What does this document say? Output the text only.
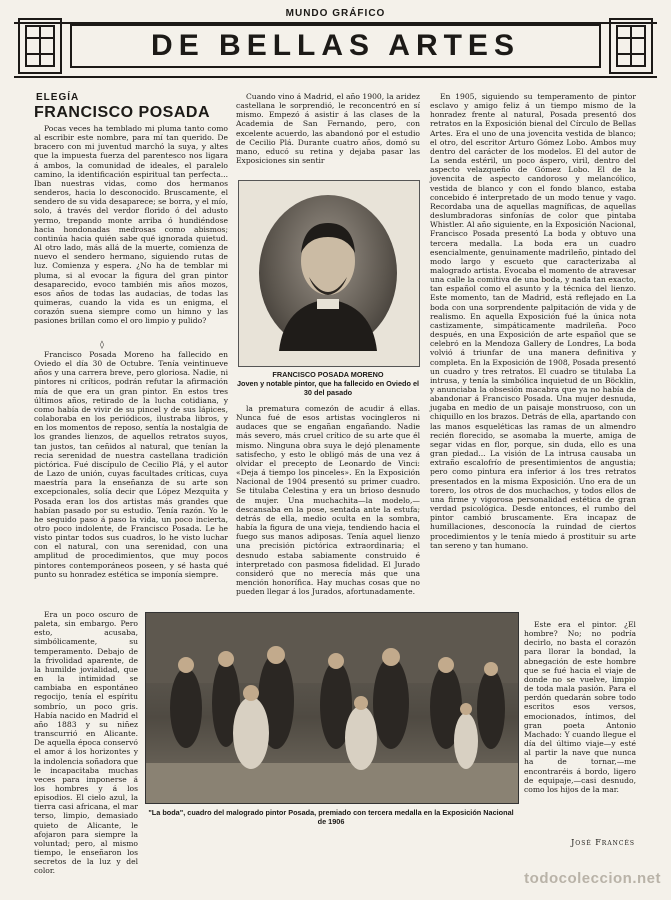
MUNDO GRÁFICO
DE BELLAS ARTES
ELEGÍA
FRANCISCO POSADA

Pocas veces ha temblado mi pluma tanto como al escribir este nombre, para mí tan querido. De bracero con mi juventud marchó la suya, y altes que la impuesta fuerza del parentesco nos ligara á ambos, la comunidad de ideales, el paralelo camino, la identificación espiritual tan perfecta... Iban nuestras vidas, como dos hermanos senderos, hacia lo desconocido. Bruscamente, el sendero de su vida desaparece; se borra, y el mío, solo, á través del verdor florido ó del adusto yermo, trepando monte arriba ó hundiéndose hacia hondonadas medrosas como abismos; continúa hacia quién sabe qué ignorada quietud. Al otro lado, más allá de la muerte, comienza de nuevo el sendero hermano, siguiendo rutas de luz. Comienza y espera. ¿No ha de temblar mi pluma, si al evocar la figura del gran pintor desaparecido, evoco también mis años mozos, esos años de todas las audacias, de todas las quimeras, cuando la vida es un enigma, el corazón suena siempre como un himno y las pasiones brillan como el oro limpio y pulido?

◊

Francisco Posada Moreno ha fallecido en Oviedo el día 30 de Octubre. Tenía veintinueve años y una carrera breve, pero gloriosa. Nadie, ni pintores ni críticos, podrán refutar la afirmación mía de que era un gran pintor. En estos tres últimos años, retirado de la lucha cotidiana, y como había de vivir de su pincel y de sus lápices, colaboraba en los periódicos, ilustraba libros, y en los momentos de reposo, sentía la nostalgia de los grandes lienzos, de aquellos retratos suyos, tan justos, tan ceñidos al natural, que tenían la recia serenidad de nuestra castellana tradición pictórica. Fué discípulo de Cecilio Plá, y el autor de Lazo de unión, cuyas facultades críticas, cuya maestría para la enseñanza de su arte son excepcionales, solía decir que López Mezquita y Posada eran los dos artistas más grandes que habían pasado por su estudio. Tenía razón. Yo le he seguido paso á paso la vida, un poco incierta, otro poco indolente, de Francisco Posada. Le he visto pintar todos sus cuadros, lo he visto luchar con el natural, con una serenidad, con una amplitud de procedimientos, que muy pocos pintores contemporáneos poseen, y sé hasta qué punto su honradez estética se imponía siempre.

Era un poco oscuro de paleta, sin embargo. Pero esto, acusaba, simbólicamente, su temperamento. Debajo de la frivolidad aparente, de la humilde jovialidad, que en la intimidad se cambiaba en espontáneo regocijo, tenía el espíritu sombrío, un poco gris. Había nacido en Madrid el año 1883 y su niñez transcurrió en Alicante. De aquella época conservó el amor á los horizontes y la indolencia soñadora que le incapacitaba muchas veces para imponerse á los hombres y á los episodios. El cielo azul, la tierra casi africana, el mar terso, limpio, demasiado quieto de Alicante, le afojaron para siempre la voluntad; pero, al mismo tiempo, le enseñaron los secretos de la luz y del color.

Cuando vino á Madrid, el año 1900, la aridez castellana le sorprendió, le reconcentró en sí mismo. Empezó á asistir á las clases de la Academia de San Fernando, pero, con excelente acuerdo, las abandonó por el estudio de Cecilio Plá. Durante cuatro años, domó su mano, educó su retina y dejaba pasar las Exposiciones sin sentir

FRANCISCO POSADA MORENO
Joven y notable pintor, que ha fallecido en Oviedo el 30 del pasado

la prematura comezón de acudir á ellas. Nunca fué de esos artistas vocingleros ni audaces que se engañan engañando. Nadie más severo, más cruel crítico de su arte que él mismo. Ninguna obra suya le dejó plenamente satisfecho, y esto le obligó más de una vez á olvidar el precepto de Leonardo de Vinci: «Deja á tiempo los pinceles». En la Exposición Nacional de 1904 presentó su primer cuadro. Se titulaba Celestina y era un brioso desnudo de mujer. Una muchachita—la modelo,—descansaba en la pose, sentada ante la estufa; detrás de ella, medio oculta en la sombra, había la figura de una vieja, tendiendo hacia el fuego sus manos adiposas. Tenía aquel lienzo una precisión pictórica extraordinaria; el desnudo estaba sabiamente construido é interpretado con pasmosa fidelidad. El Jurado consideró que no merecía más que una mención honorífica. Hay muchas cosas que no pueden llegar á los Jurados, afortunadamente.

En 1905, siguiendo su temperamento de pintor esclavo y amigo feliz á un tiempo mismo de la honradez frente al natural, Posada presentó dos retratos en la Exposición bienal del Círculo de Bellas Artes. Era el uno de una jovencita vestida de blanco; el otro, del escritor Arturo Gómez Lobo. Ambos muy dentro del carácter de los modelos. El del autor de La senda estéril, un poco áspero, viril, dentro del aspecto velazqueño de Gómez Lobo. El de la jovencita de aspecto candoroso y melancólico, vestida de blanco y con el fondo blanco, estaba concebido é interpretado de un modo tenue y vago. Recordaba una de aquellas magníficas, de aquellas deslumbradoras sinfonías de color que pintaba Whistler. Al año siguiente, en la Exposición Nacional, Francisco Posada presentó La boda y obtuvo una tercera medalla. La boda era un cuadro esencialmente, genuinamente madrileño, pintado del modo largo y escueto que caracterizaba al malogrado artista. Evocaba el momento de atravesar una calle la comitiva de una boda, y nada tan exacto, tan español como el asunto y la técnica del lienzo. Este momento, tan de Madrid, está reflejado en La boda con una sorprendente palpitación de vida y de realismo. En aquella Exposición fué la única nota castizamente, simpáticamente madrileña. Poco después, en una Exposición de arte español que se celebró en la Mendoza Gallery de Londres, La boda volvió á triunfar de una manera definitiva y completa. En la Exposición de 1908, Posada presentó un cuadro y tres retratos. El cuadro se titulaba La intrusa, y tenía la simbólica inquietud de un Böcklin, y anunciaba la obsesión macabra que ya no había de abandonar á Francisco Posada. Una mujer desnuda, jugaba en medio de un paisaje monstruoso, con un chiquillo en los brazos. Detrás de ella, apartando con las manos esqueléticas las ramas de un almendro recién florecido, se asomaba la muerte, amiga de segar vidas en flor, porque, sin duda, ello es una gran piedad... La visión de La intrusa causaba un extraño escalofrío de presentimientos de angustia; pero como pintura era inferior á los tres retratos presentados en la misma Exposición. Uno era de un torero, los otros de dos muchachos, y todos ellos de una firme y vigorosa personalidad estética de gran verdad psicológica. Desde entonces, el rumbo del pintor cambió bruscamente. Era incapaz de humillaciones, desconocía la ruindad de ciertos procedimientos y le tenía miedo á prostituir su arte tan sereno y tan humano.

Este era el pintor. ¿El hombre? No; no podría decirlo, no basta el corazón para llorar la bondad, la abnegación de este hombre que se fué hacia el viaje de donde no se vuelve, limpio de toda mala pasión. Para el perdón quedarán sobre todo escritos esos versos, emocionados, íntimos, del gran poeta Antonio Machado: Y cuando llegue el día del último viaje—y esté al partir la nave que nunca ha de tornar,—me encontraréis á bordo, ligero de equipaje,—casi desnudo, como los hijos de la mar.

"La boda", cuadro del malogrado pintor Posada, premiado con tercera medalla en la Exposición Nacional de 1906
José Francés
todocoleccion.net
